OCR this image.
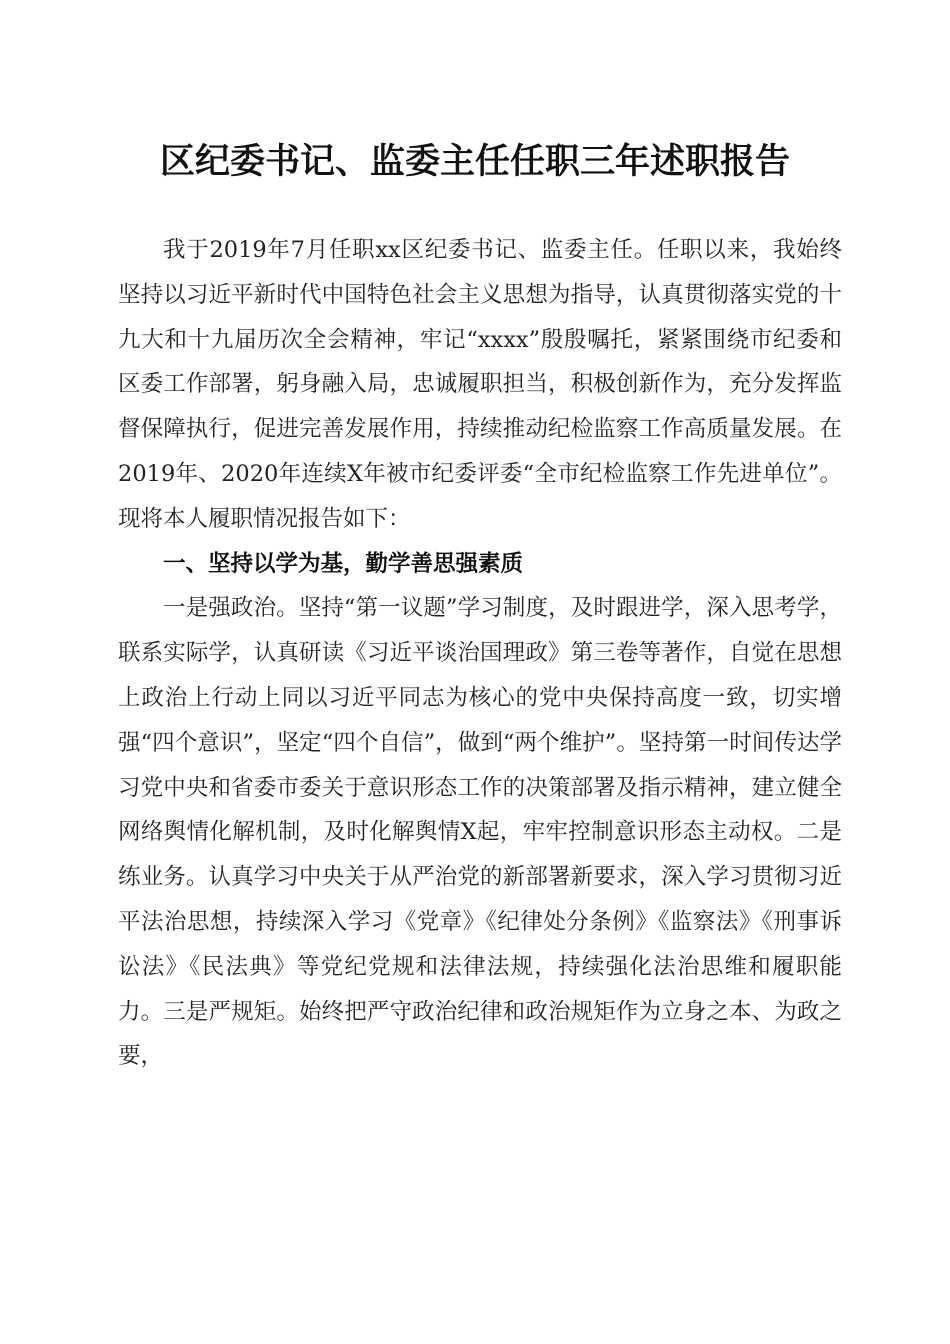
区纪委书记、监委主任任职三年述职报告

我于2019年7月任职xx区纪委书记、监委主任。任职以来，我始终坚持以习近平新时代中国特色社会主义思想为指导，认真贯彻落实党的十九大和十九届历次全会精神，牢记“xxxx”殷殷嘱托，紧紧围绕市纪委和区委工作部署，躬身融入局，忠诚履职担当，积极创新作为，充分发挥监督保障执行，促进完善发展作用，持续推动纪检监察工作高质量发展。在2019年、2020年连续X年被市纪委评委“全市纪检监察工作先进单位”。现将本人履职情况报告如下：

一、坚持以学为基，勤学善思强素质

一是强政治。坚持“第一议题”学习制度，及时跟进学，深入思考学，联系实际学，认真研读《习近平谈治国理政》第三卷等著作，自觉在思想上政治上行动上同以习近平同志为核心的党中央保持高度一致，切实增强“四个意识”，坚定“四个自信”，做到“两个维护”。坚持第一时间传达学习党中央和省委市委关于意识形态工作的决策部署及指示精神，建立健全网络舆情化解机制，及时化解舆情X起，牢牢控制意识形态主动权。二是练业务。认真学习中央关于从严治党的新部署新要求，深入学习贯彻习近平法治思想，持续深入学习《党章》《纪律处分条例》《监察法》《刑事诉讼法》《民法典》等党纪党规和法律法规，持续强化法治思维和履职能力。三是严规矩。始终把严守政治纪律和政治规矩作为立身之本、为政之要，
